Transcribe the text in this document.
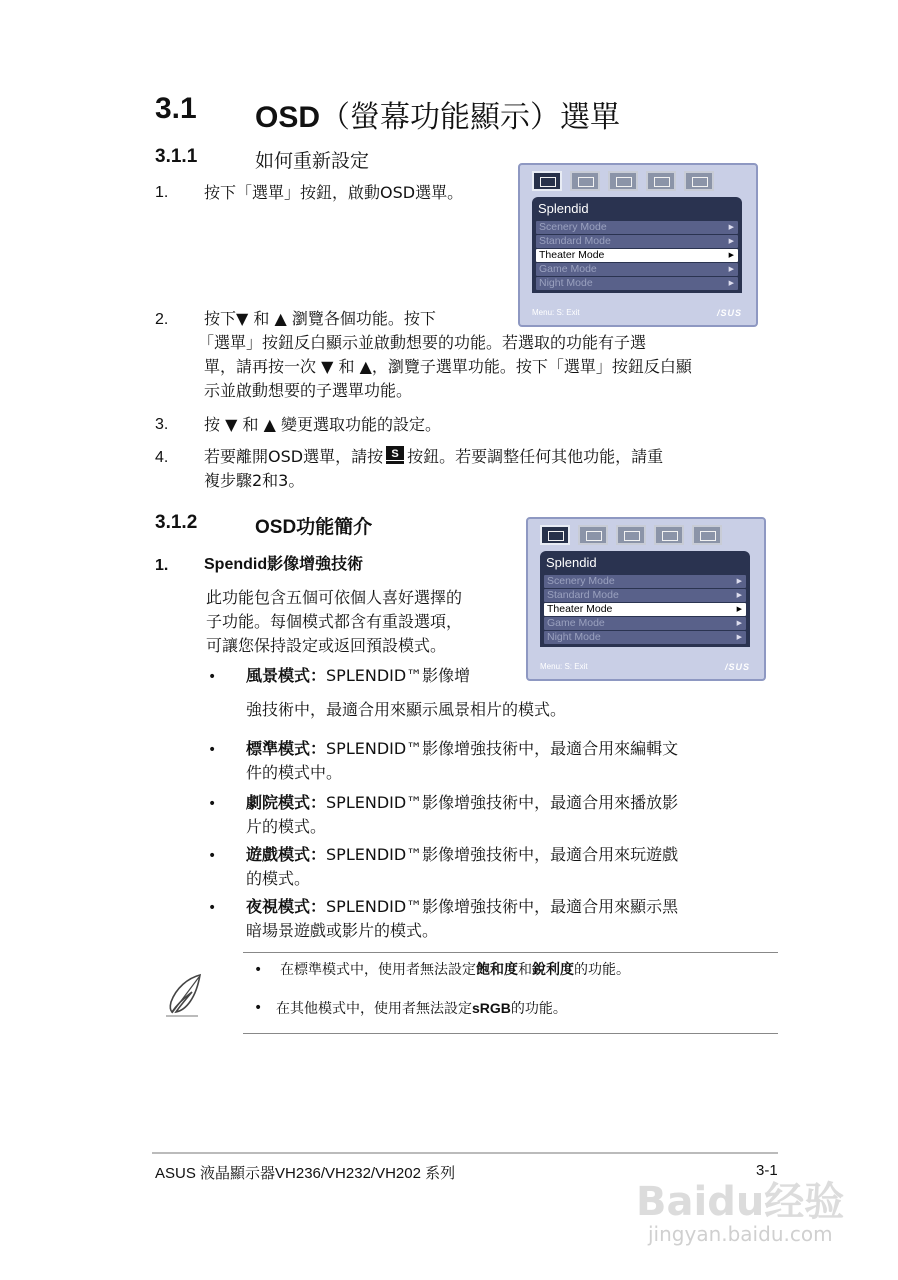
3.1 OSD（螢幕功能顯示）選單
3.1.1	如何重新設定
1. 按下「選單」按鈕，啟動OSD選單。
2. 按下▼ 和 ▲ 瀏覽各個功能。按下
「選單」按鈕反白顯示並啟動想要的功能。若選取的功能有子選
單，請再按一次 ▼ 和 ▲，瀏覽子選單功能。按下「選單」按鈕反白顯
示並啟動想要的子選單功能。
3. 按 ▼ 和 ▲ 變更選取功能的設定。
4. 若要離開OSD選單，請按 S 按鈕。若要調整任何其他功能，請重
複步驟2和3。
Splendid
Scenery Mode	▶
Standard Mode	▶
Theater Mode	▶
Game Mode	▶
Night Mode	▶
Menu: S: Exit	/SUS
3.1.2	OSD功能簡介
1. Spendid影像增強技術
此功能包含五個可依個人喜好選擇的
子功能。每個模式都含有重設選項，
可讓您保持設定或返回預設模式。
Splendid
Scenery Mode	▶
Standard Mode	▶
Theater Mode	▶
Game Mode	▶
Night Mode	▶
Menu: S: Exit	/SUS
• 風景模式：SPLENDID™影像增
強技術中，最適合用來顯示風景相片的模式。
• 標準模式：SPLENDID™影像增強技術中，最適合用來編輯文
件的模式中。
• 劇院模式：SPLENDID™影像增強技術中，最適合用來播放影
片的模式。
• 遊戲模式：SPLENDID™影像增強技術中，最適合用來玩遊戲
的模式。
• 夜視模式：SPLENDID™影像增強技術中，最適合用來顯示黑
暗場景遊戲或影片的模式。
• 在標準模式中，使用者無法設定飽和度和銳利度的功能。
• 在其他模式中，使用者無法設定sRGB的功能。
ASUS 液晶顯示器VH236/VH232/VH202 系列	3-1
Baidu经验
jingyan.baidu.com
